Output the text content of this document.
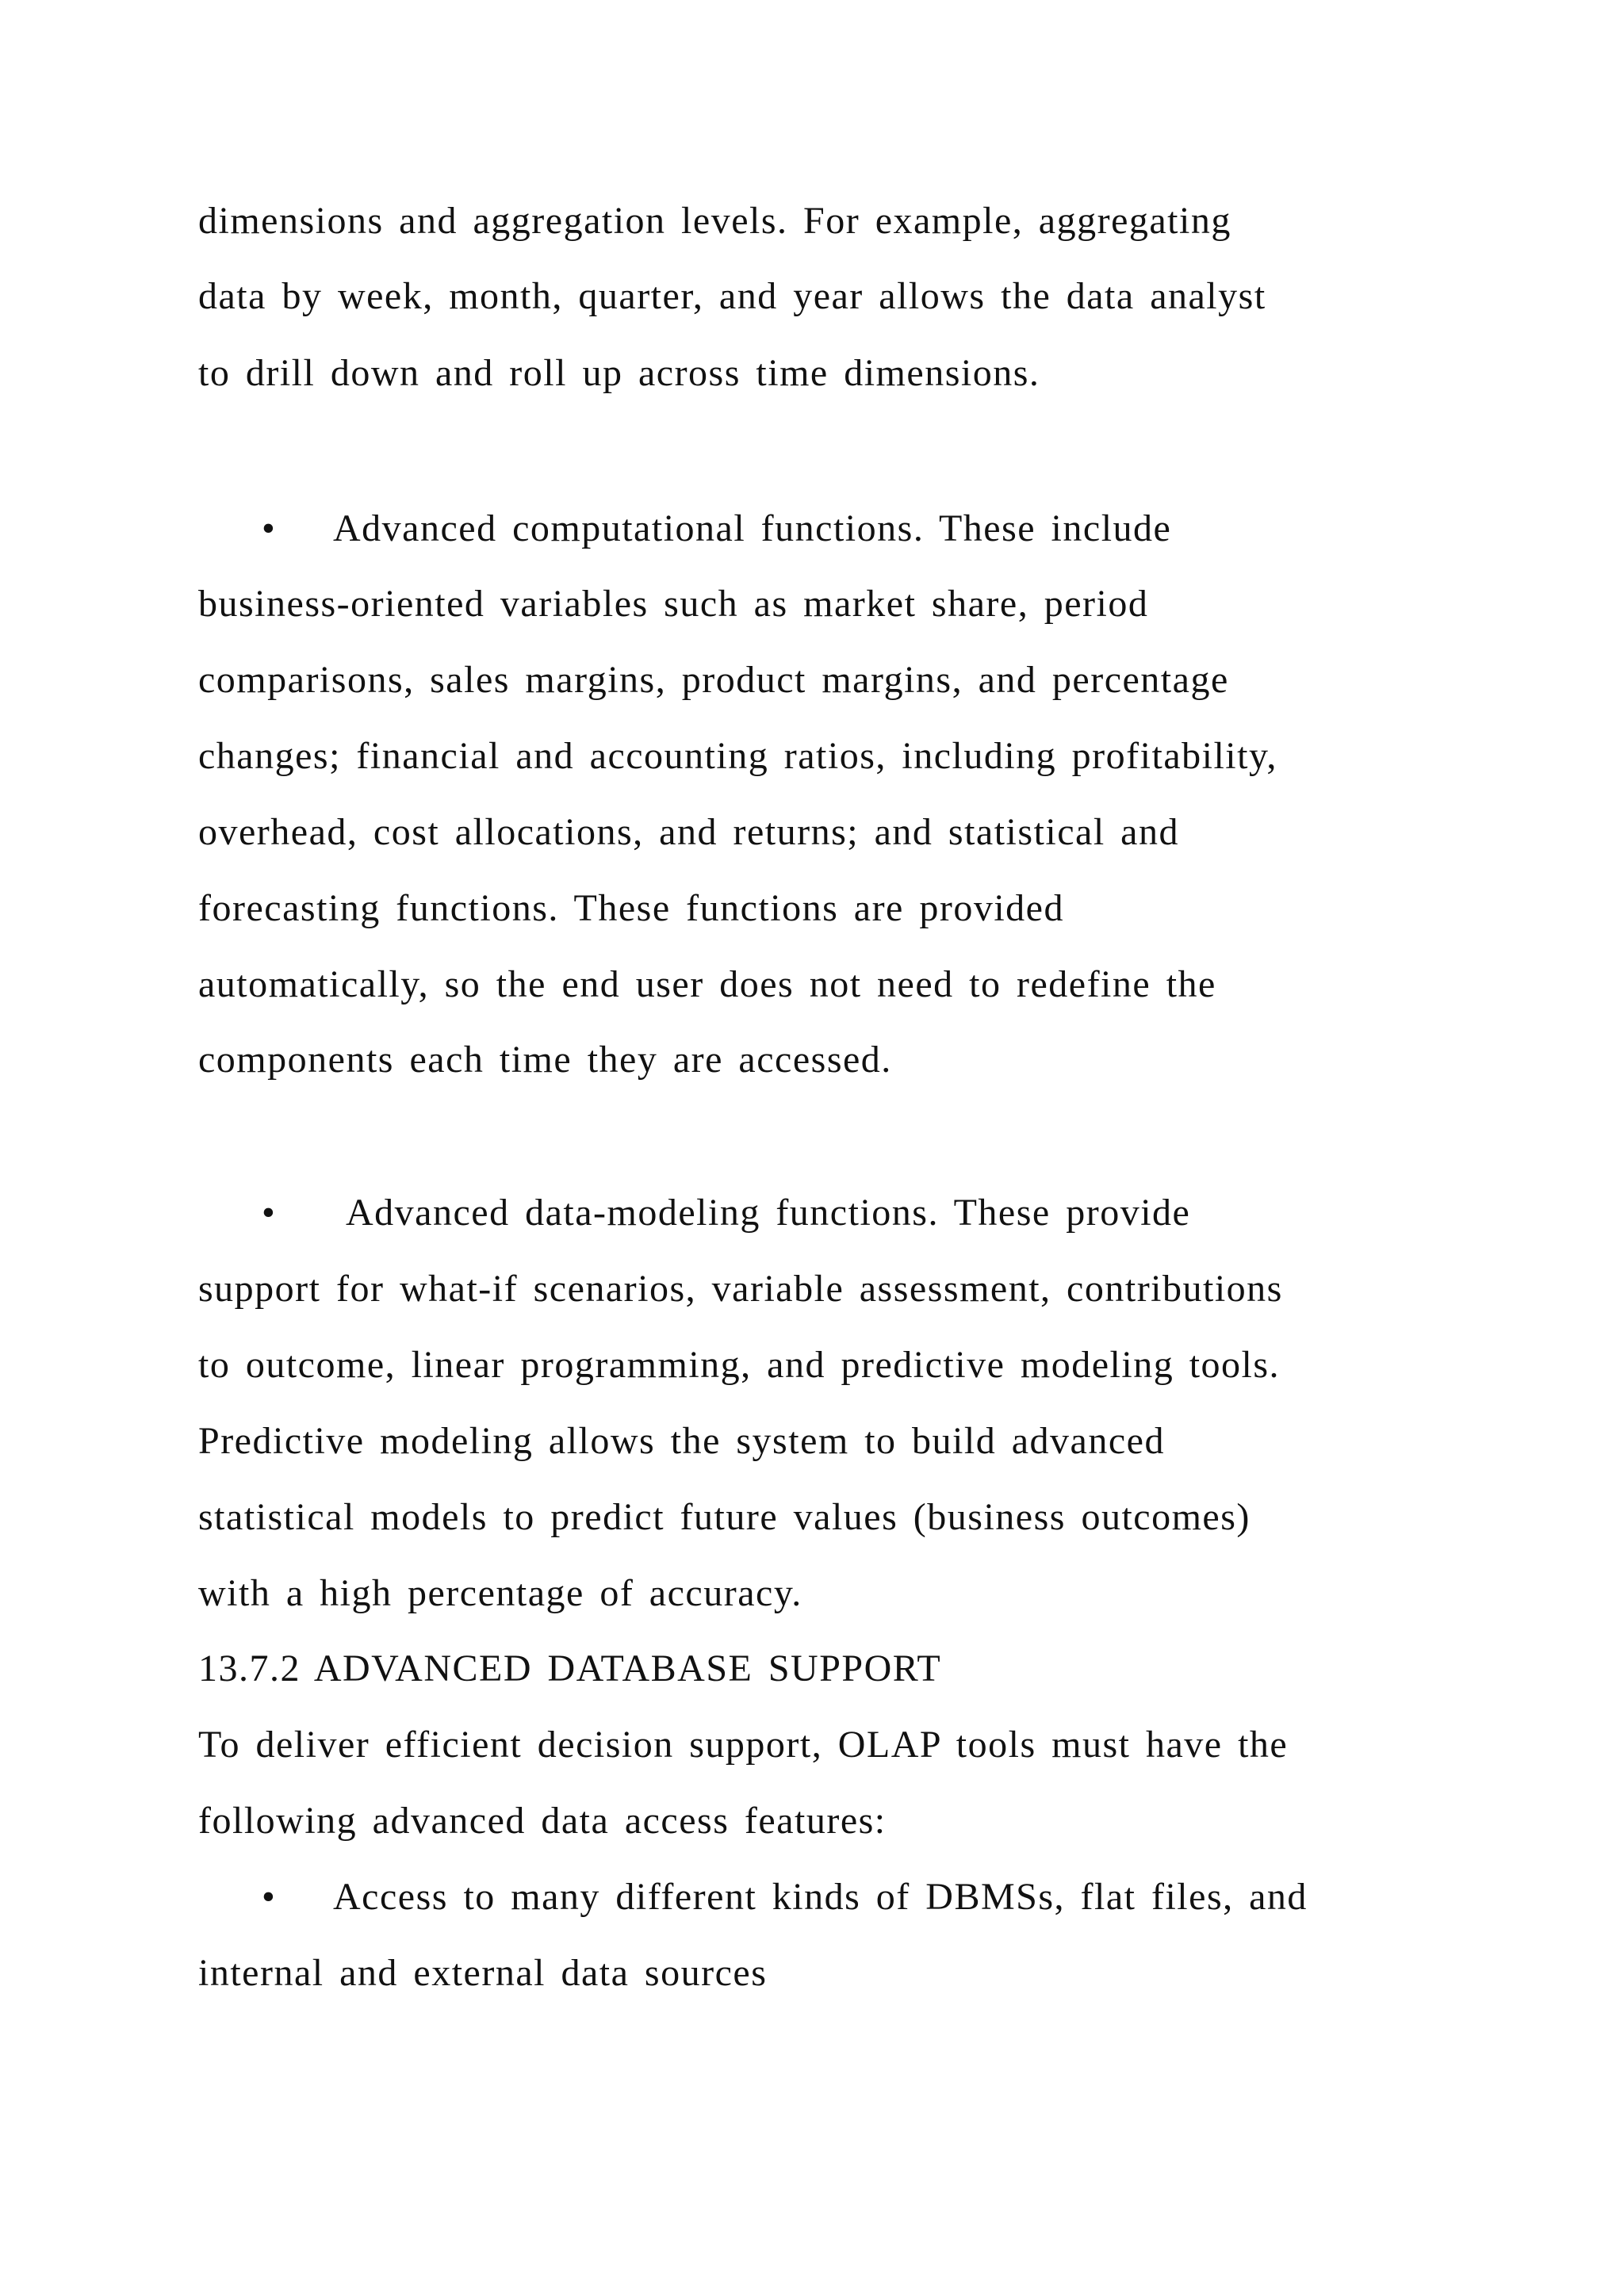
dimensions and aggregation levels. For example, aggregating
data by week, month, quarter, and year allows the data analyst
to drill down and roll up across time dimensions.
• Advanced computational functions. These include
business-oriented variables such as market share, period
comparisons, sales margins, product margins, and percentage
changes; financial and accounting ratios, including profitability,
overhead, cost allocations, and returns; and statistical and
forecasting functions. These functions are provided
automatically, so the end user does not need to redefine the
components each time they are accessed.
• Advanced data-modeling functions. These provide
support for what-if scenarios, variable assessment, contributions
to outcome, linear programming, and predictive modeling tools.
Predictive modeling allows the system to build advanced
statistical models to predict future values (business outcomes)
with a high percentage of accuracy.
13.7.2 ADVANCED DATABASE SUPPORT
To deliver efficient decision support, OLAP tools must have the
following advanced data access features:
• Access to many different kinds of DBMSs, flat files, and
internal and external data sources
